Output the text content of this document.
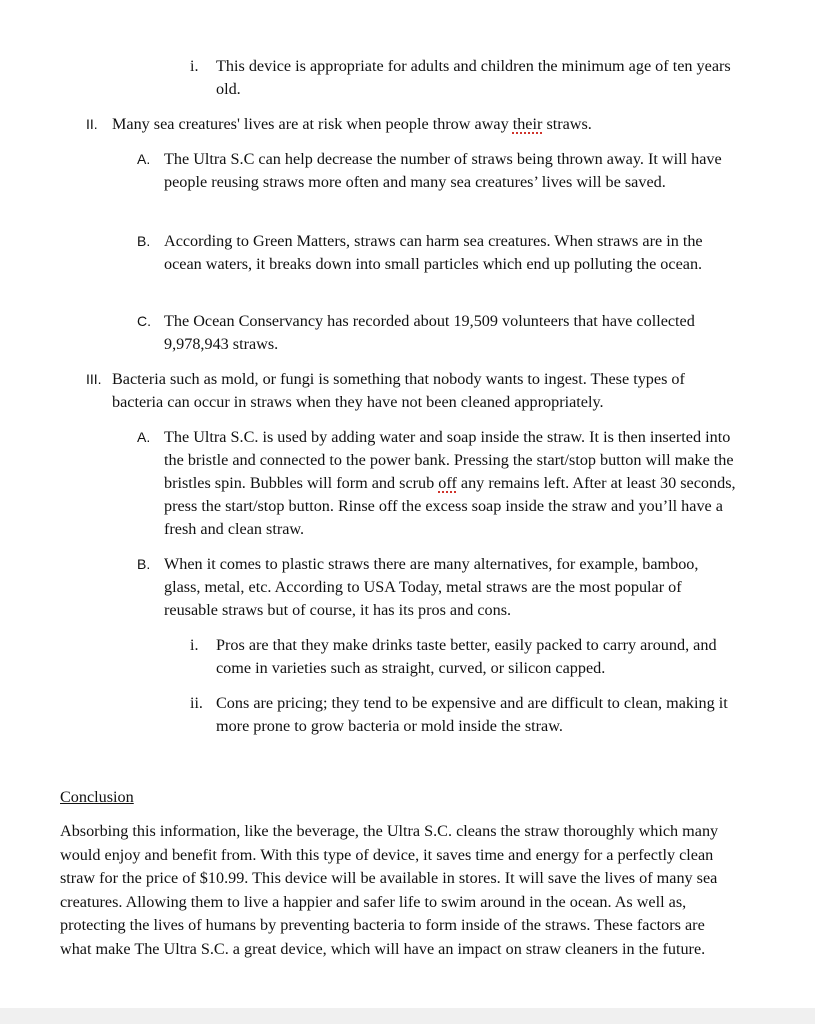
i.	This device is appropriate for adults and children the minimum age of ten years old.
II. Many sea creatures' lives are at risk when people throw away their straws.
A. The Ultra S.C can help decrease the number of straws being thrown away. It will have people reusing straws more often and many sea creatures’ lives will be saved.
B. According to Green Matters, straws can harm sea creatures. When straws are in the ocean waters, it breaks down into small particles which end up polluting the ocean.
C. The Ocean Conservancy has recorded about 19,509 volunteers that have collected 9,978,943 straws.
III. Bacteria such as mold, or fungi is something that nobody wants to ingest. These types of bacteria can occur in straws when they have not been cleaned appropriately.
A. The Ultra S.C. is used by adding water and soap inside the straw. It is then inserted into the bristle and connected to the power bank. Pressing the start/stop button will make the bristles spin. Bubbles will form and scrub off any remains left. After at least 30 seconds, press the start/stop button. Rinse off the excess soap inside the straw and you’ll have a fresh and clean straw.
B. When it comes to plastic straws there are many alternatives, for example, bamboo, glass, metal, etc. According to USA Today, metal straws are the most popular of reusable straws but of course, it has its pros and cons.
i.	Pros are that they make drinks taste better, easily packed to carry around, and come in varieties such as straight, curved, or silicon capped.
ii. Cons are pricing; they tend to be expensive and are difficult to clean, making it more prone to grow bacteria or mold inside the straw.
Conclusion
Absorbing this information, like the beverage, the Ultra S.C. cleans the straw thoroughly which many would enjoy and benefit from. With this type of device, it saves time and energy for a perfectly clean straw for the price of $10.99. This device will be available in stores. It will save the lives of many sea creatures. Allowing them to live a happier and safer life to swim around in the ocean. As well as, protecting the lives of humans by preventing bacteria to form inside of the straws. These factors are what make The Ultra S.C. a great device, which will have an impact on straw cleaners in the future.
